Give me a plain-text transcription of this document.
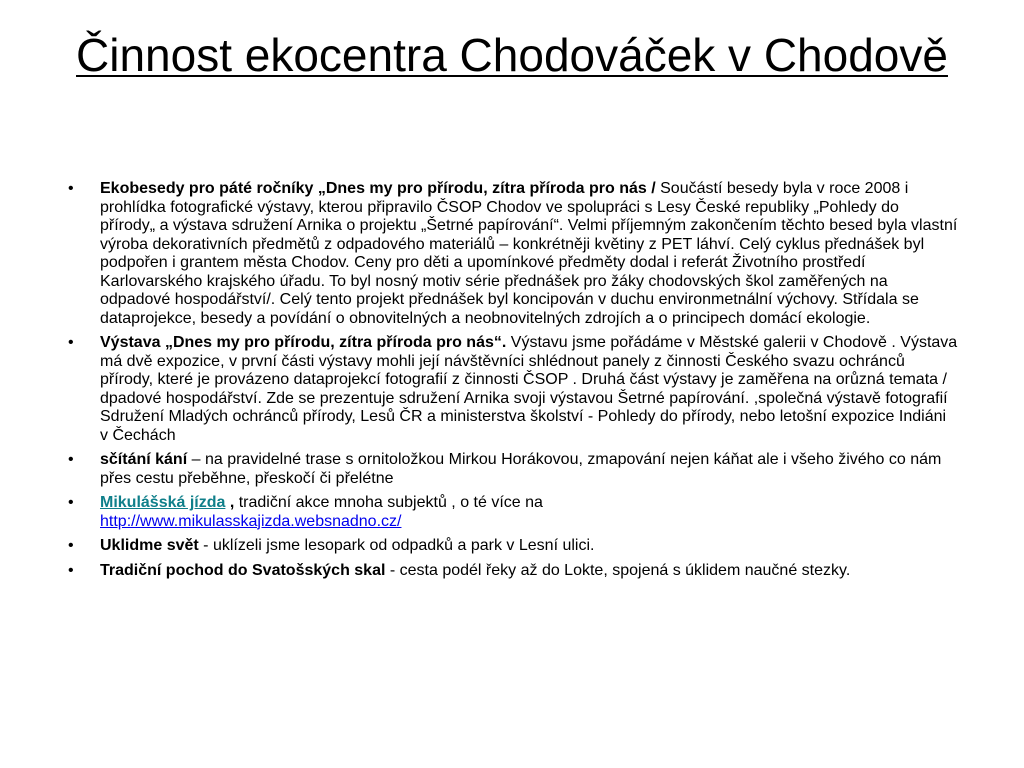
Činnost ekocentra Chodováček v Chodově
•	Ekobesedy pro páté ročníky „Dnes my pro přírodu, zítra příroda pro nás / Součástí besedy byla v roce 2008 i prohlídka fotografické výstavy, kterou připravilo ČSOP Chodov ve spolupráci s Lesy České republiky „Pohledy do přírody„ a výstava sdružení Arnika o projektu „Šetrné papírování“. Velmi příjemným zakončením těchto besed byla vlastní výroba dekorativních předmětů z odpadového materiálů – konkrétněji květiny z PET láhví. Celý cyklus přednášek byl podpořen i grantem města Chodov. Ceny pro děti a upomínkové předměty dodal i referát Životního prostředí Karlovarského krajského úřadu. To byl nosný motiv série přednášek pro žáky chodovských škol zaměřených na odpadové hospodářství/. Celý tento projekt přednášek byl koncipován v duchu environmetnální výchovy. Střídala se dataprojekce, besedy a povídání o obnovitelných a neobnovitelných zdrojích a o principech domácí ekologie.
•	Výstava „Dnes my pro přírodu, zítra příroda pro nás“. Výstavu jsme pořádáme v Městské galerii v Chodově . Výstava má dvě expozice, v první části výstavy mohli její návštěvníci shlédnout panely z činnosti Českého svazu ochránců přírody, které je provázeno dataprojekcí fotografií z činnosti ČSOP . Druhá část výstavy je zaměřena na orůzná temata / dpadové hospodářství. Zde se prezentuje sdružení Arnika svoji výstavou Šetrné papírování. ,společná výstavě fotografií Sdružení Mladých ochránců přírody, Lesů ČR a ministerstva školství - Pohledy do přírody, nebo letošní expozice Indiáni v Čechách
•	sčítání kání – na pravidelné trase s ornitoložkou Mirkou Horákovou, zmapování nejen káňat ale i všeho živého co nám přes cestu přeběhne, přeskočí či přelétne
•	Mikulášská jízda , tradiční akce mnoha subjektů , o té více na
http://www.mikulasskajizda.websnadno.cz/
•	Uklidme svět - uklízeli jsme lesopark od odpadků a park v Lesní ulici.
•	Tradiční pochod do Svatošských skal - cesta podél řeky až do Lokte, spojená s úklidem naučné stezky.
